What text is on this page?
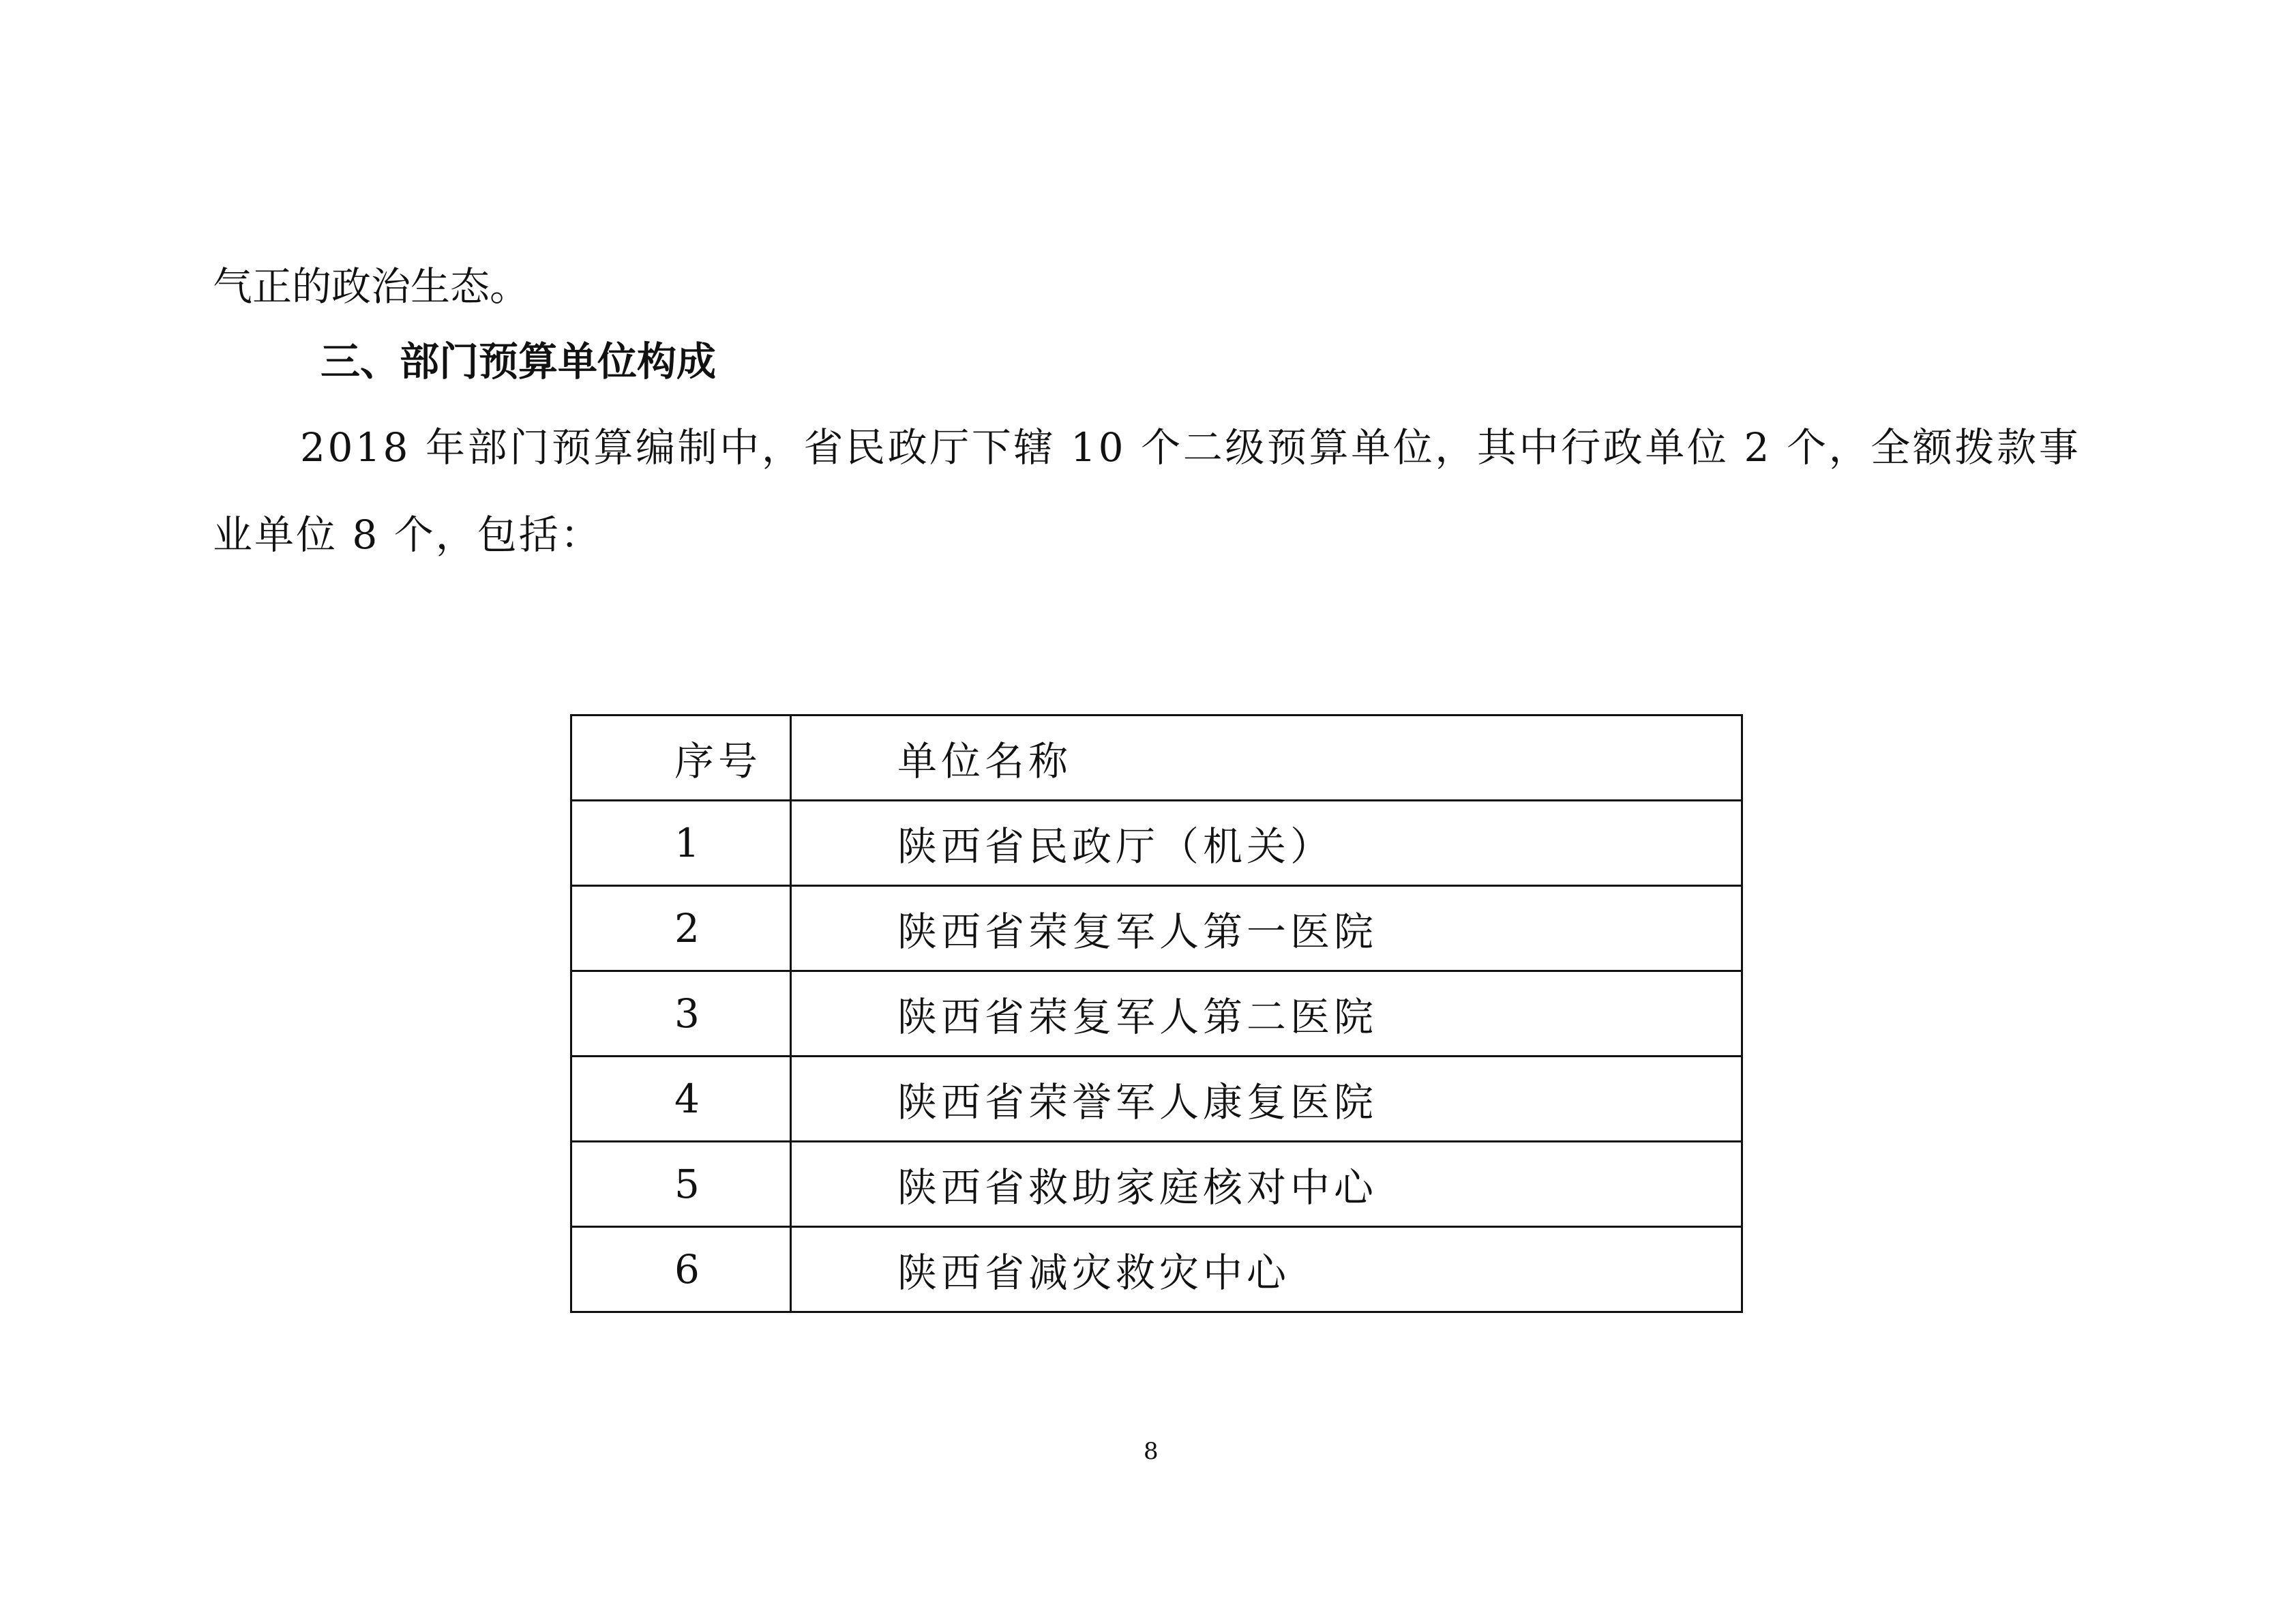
气正的政治生态。
三、部门预算单位构成
2018 年部门预算编制中，省民政厅下辖 10 个二级预算单位，其中行政单位 2 个，全额拨款事
业单位 8 个，包括：
序号	单位名称
1	陕西省民政厅（机关）
2	陕西省荣复军人第一医院
3	陕西省荣复军人第二医院
4	陕西省荣誉军人康复医院
5	陕西省救助家庭核对中心
6	陕西省减灾救灾中心
8
